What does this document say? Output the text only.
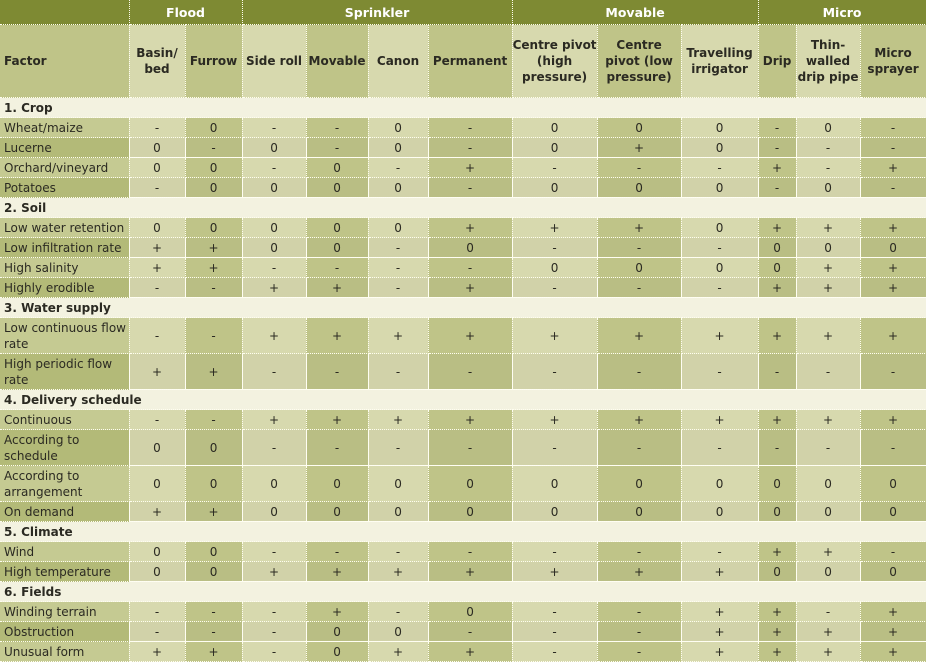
	Flood		Sprinkler				Movable			Micro		
Factor	Basin/ bed	Furrow	Side roll	Movable	Canon	Permanent	Centre pivot (high pressure)	Centre pivot (low pressure)	Travelling irrigator	Drip	Thin-walled drip pipe	Micro sprayer
1. Crop												
Wheat/maize	-	0	-	-	0	-	0	0	0	-	0	-
Lucerne	0	-	0	-	0	-	0	+	0	-	-	-
Orchard/vineyard	0	0	-	0	-	+	-	-	-	+	-	+
Potatoes	-	0	0	0	0	-	0	0	0	-	0	-
2. Soil												
Low water retention	0	0	0	0	0	+	+	+	0	+	+	+
Low infiltration rate	+	+	0	0	-	0	-	-	-	0	0	0
High salinity	+	+	-	-	-	-	0	0	0	0	+	+
Highly erodible	-	-	+	+	-	+	-	-	-	+	+	+
3. Water supply												
Low continuous flow rate	-	-	+	+	+	+	+	+	+	+	+	+
High periodic flow rate	+	+	-	-	-	-	-	-	-	-	-	-
4. Delivery schedule												
Continuous	-	-	+	+	+	+	+	+	+	+	+	+
According to schedule	0	0	-	-	-	-	-	-	-	-	-	-
According to arrangement	0	0	0	0	0	0	0	0	0	0	0	0
On demand	+	+	0	0	0	0	0	0	0	0	0	0
5. Climate												
Wind	0	0	-	-	-	-	-	-	-	+	+	-
High temperature	0	0	+	+	+	+	+	+	+	0	0	0
6. Fields												
Winding terrain	-	-	-	+	-	0	-	-	+	+	-	+
Obstruction	-	-	-	0	0	-	-	-	+	+	+	+
Unusual form	+	+	-	0	+	+	-	-	+	+	+	+
